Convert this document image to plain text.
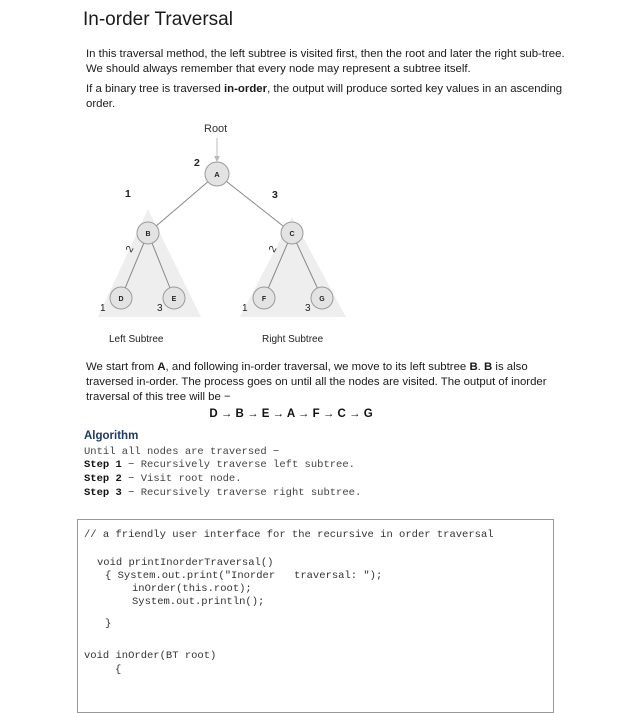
In-order Traversal

In this traversal method, the left subtree is visited first, then the root and later the right sub-tree. We should always remember that every node may represent a subtree itself.

If a binary tree is traversed in-order, the output will produce sorted key values in an ascending order.

Root
A
B	C
D	E	F	G
2
1	3
2	2
1	3	1	3
Left Subtree	Right Subtree

We start from A, and following in-order traversal, we move to its left subtree B. B is also traversed in-order. The process goes on until all the nodes are visited. The output of inorder traversal of this tree will be −

D → B → E → A → F → C → G
Algorithm
Until all nodes are traversed −
Step 1 − Recursively traverse left subtree.
Step 2 − Visit root node.
Step 3 − Recursively traverse right subtree.
// a friendly user interface for the recursive in order traversal
void printInorderTraversal()
{ System.out.print("Inorder   traversal: ");
inOrder(this.root);
System.out.println();
}
void inOrder(BT root)
{
